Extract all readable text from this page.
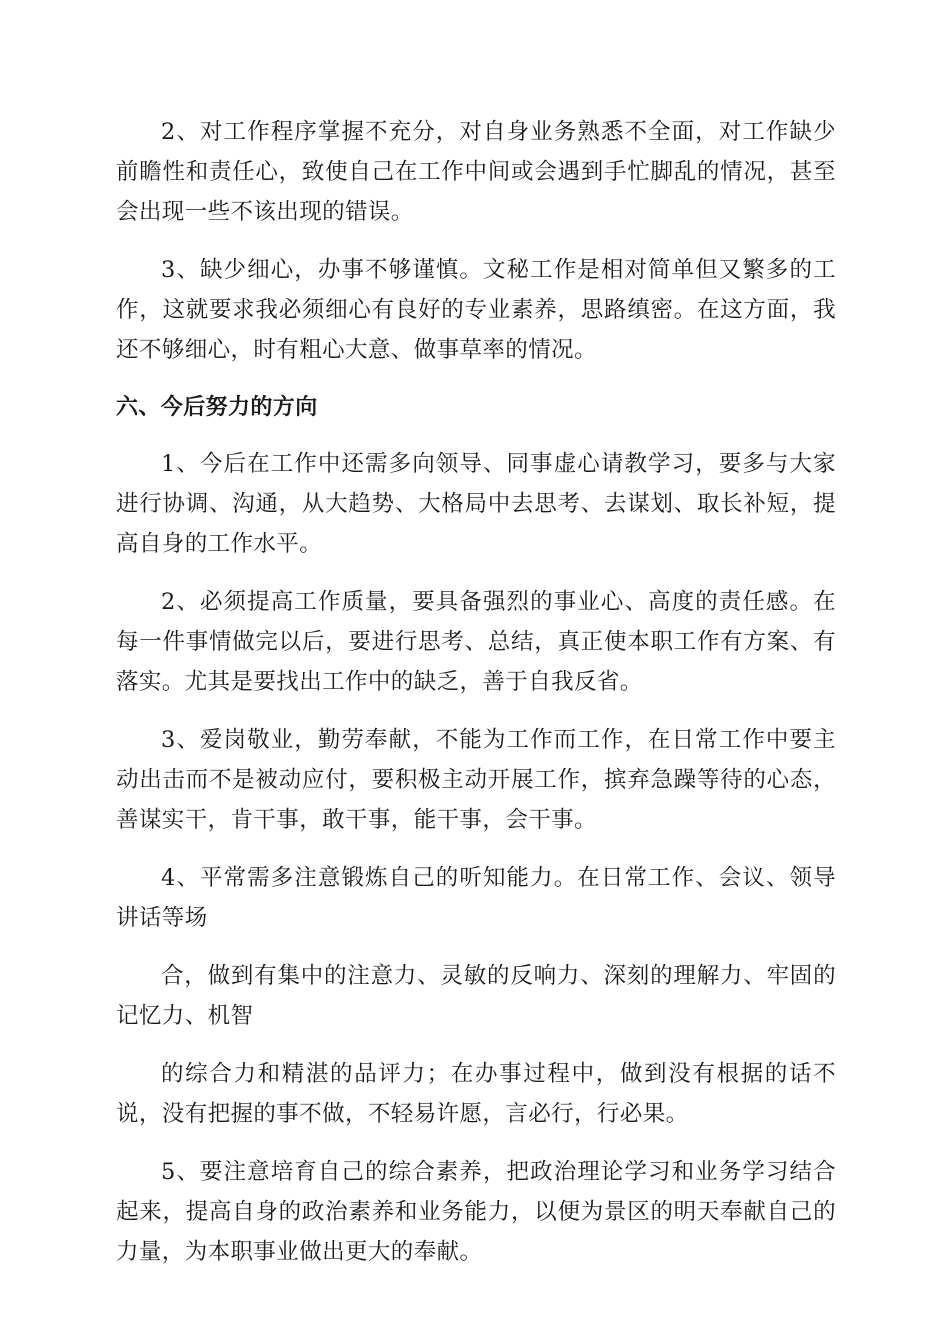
2、对工作程序掌握不充分，对自身业务熟悉不全面，对工作缺少前瞻性和责任心，致使自己在工作中间或会遇到手忙脚乱的情况，甚至会出现一些不该出现的错误。

3、缺少细心，办事不够谨慎。文秘工作是相对简单但又繁多的工作，这就要求我必须细心有良好的专业素养，思路缜密。在这方面，我还不够细心，时有粗心大意、做事草率的情况。

六、今后努力的方向

1、今后在工作中还需多向领导、同事虚心请教学习，要多与大家进行协调、沟通，从大趋势、大格局中去思考、去谋划、取长补短，提高自身的工作水平。

2、必须提高工作质量，要具备强烈的事业心、高度的责任感。在每一件事情做完以后，要进行思考、总结，真正使本职工作有方案、有落实。尤其是要找出工作中的缺乏，善于自我反省。

3、爱岗敬业，勤劳奉献，不能为工作而工作，在日常工作中要主动出击而不是被动应付，要积极主动开展工作，摈弃急躁等待的心态，善谋实干，肯干事，敢干事，能干事，会干事。

4、平常需多注意锻炼自己的听知能力。在日常工作、会议、领导讲话等场

合，做到有集中的注意力、灵敏的反响力、深刻的理解力、牢固的记忆力、机智

的综合力和精湛的品评力；在办事过程中，做到没有根据的话不说，没有把握的事不做，不轻易许愿，言必行，行必果。

5、要注意培育自己的综合素养，把政治理论学习和业务学习结合起来，提高自身的政治素养和业务能力，以便为景区的明天奉献自己的力量，为本职事业做出更大的奉献。
